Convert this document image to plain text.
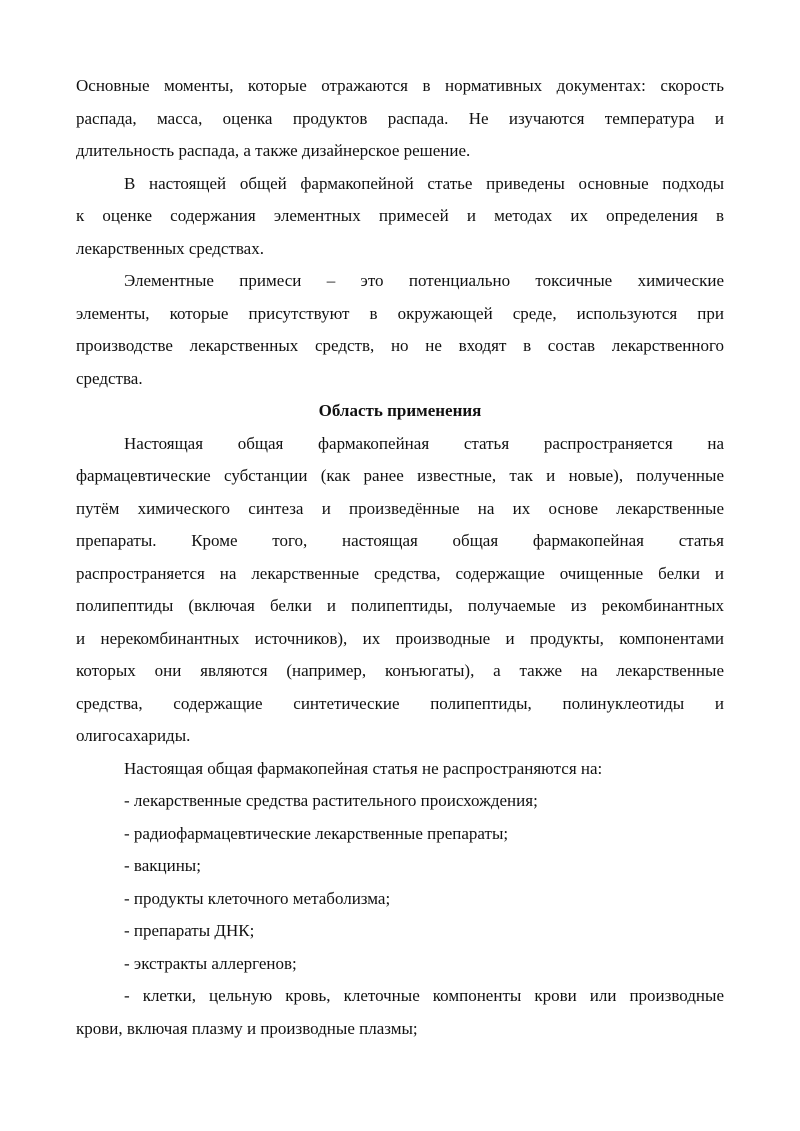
Основные моменты, которые отражаются в нормативных документах: скорость

распада, масса, оценка продуктов распада. Не изучаются температура и

длительность распада, а также дизайнерское решение.

В настоящей общей фармакопейной статье приведены основные подходы

к оценке содержания элементных примесей и методах их определения в

лекарственных средствах.

Элементные примеси – это потенциально токсичные химические

элементы, которые присутствуют в окружающей среде, используются при

производстве лекарственных средств, но не входят в состав лекарственного

средства.

Область применения

Настоящая общая фармакопейная статья распространяется на

фармацевтические субстанции (как ранее известные, так и новые), полученные

путём химического синтеза и произведённые на их основе лекарственные

препараты. Кроме того, настоящая общая фармакопейная статья

распространяется на лекарственные средства, содержащие очищенные белки и

полипептиды (включая белки и полипептиды, получаемые из рекомбинантных

и нерекомбинантных источников), их производные и продукты, компонентами

которых они являются (например, конъюгаты), а также на лекарственные

средства, содержащие синтетические полипептиды, полинуклеотиды и

олигосахариды.

Настоящая общая фармакопейная статья не распространяются на:

- лекарственные средства растительного происхождения;

- радиофармацевтические лекарственные препараты;

- вакцины;

- продукты клеточного метаболизма;

- препараты ДНК;

- экстракты аллергенов;

- клетки, цельную кровь, клеточные компоненты крови или производные

крови, включая плазму и производные плазмы;
